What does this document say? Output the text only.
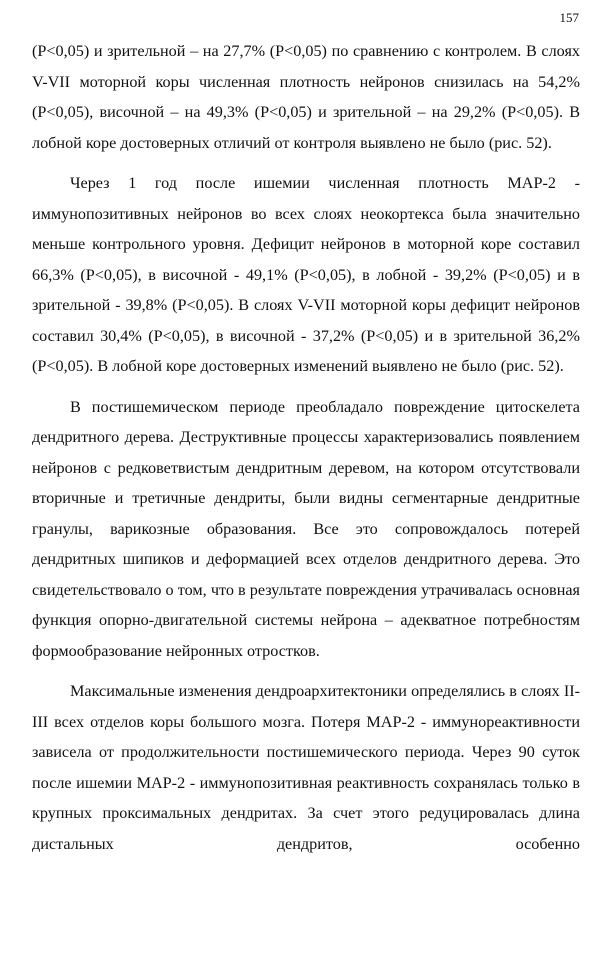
157

(P<0,05) и зрительной – на 27,7% (P<0,05) по сравнению с контролем. В слоях V-VII моторной коры численная плотность нейронов снизилась на 54,2% (P<0,05), височной – на 49,3% (P<0,05) и зрительной – на 29,2% (P<0,05). В лобной коре достоверных отличий от контроля выявлено не было (рис. 52).

Через 1 год после ишемии численная плотность МАР-2 - иммунопозитивных нейронов во всех слоях неокортекса была значительно меньше контрольного уровня. Дефицит нейронов в моторной коре составил 66,3% (P<0,05), в височной - 49,1% (P<0,05), в лобной - 39,2% (P<0,05) и в зрительной - 39,8% (P<0,05). В слоях V-VII моторной коры дефицит нейронов составил 30,4% (P<0,05), в височной - 37,2% (P<0,05) и в зрительной 36,2% (P<0,05). В лобной коре достоверных изменений выявлено не было (рис. 52).

В постишемическом периоде преобладало повреждение цитоскелета дендритного дерева. Деструктивные процессы характеризовались появлением нейронов с редковетвистым дендритным деревом, на котором отсутствовали вторичные и третичные дендриты, были видны сегментарные дендритные гранулы, варикозные образования. Все это сопровождалось потерей дендритных шипиков и деформацией всех отделов дендритного дерева. Это свидетельствовало о том, что в результате повреждения утрачивалась основная функция опорно-двигательной системы нейрона – адекватное потребностям формообразование нейронных отростков.

Максимальные изменения дендроархитектоники определялись в слоях II-III всех отделов коры большого мозга. Потеря МАР-2 - иммунореактивности зависела от продолжительности постишемического периода. Через 90 суток после ишемии МАР-2 - иммунопозитивная реактивность сохранялась только в крупных проксимальных дендритах. За счет этого редуцировалась длина дистальных дендритов, особенно
